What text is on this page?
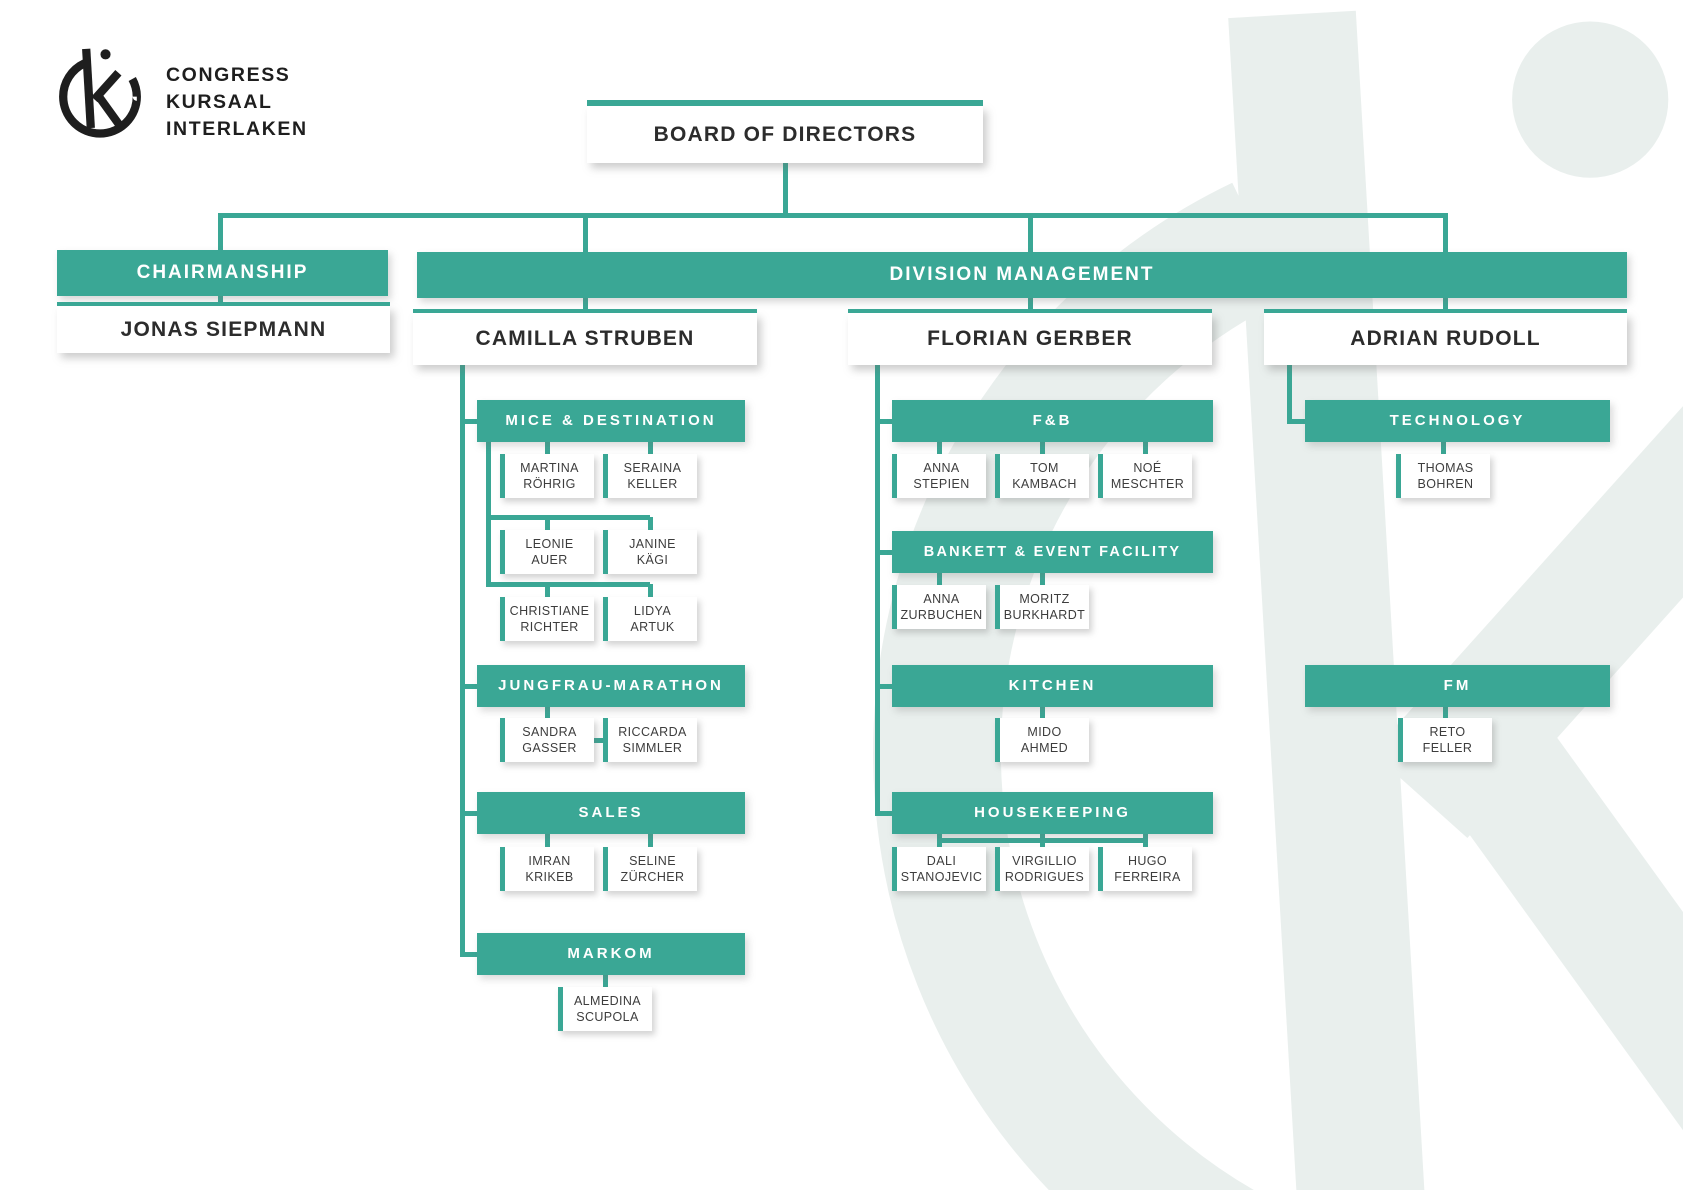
CONGRESS
KURSAAL
INTERLAKEN	BOARD OF DIRECTORS
CHAIRMANSHIP
JONAS SIEPMANN
DIVISION MANAGEMENT
CAMILLA STRUBEN	FLORIAN GERBER	ADRIAN RUDOLL
MICE & DESTINATION
MARTINA
RÖHRIG
SERAINA
KELLER
LEONIE
AUER
JANINE
KÄGI
CHRISTIANE
RICHTER
LIDYA
ARTUK
JUNGFRAU-MARATHON
SANDRA
GASSER
RICCARDA
SIMMLER
SALES
IMRAN
KRIKEB
SELINE
ZÜRCHER
MARKOM
ALMEDINA
SCUPOLA
F&B
ANNA
STEPIEN
TOM
KAMBACH
NOÉ
MESCHTER
BANKETT & EVENT FACILITY
ANNA
ZURBUCHEN
MORITZ
BURKHARDT
KITCHEN
MIDO
AHMED
HOUSEKEEPING
DALI
STANOJEVIC
VIRGILLIO
RODRIGUES
HUGO
FERREIRA
TECHNOLOGY
THOMAS
BOHREN
FM
RETO
FELLER
